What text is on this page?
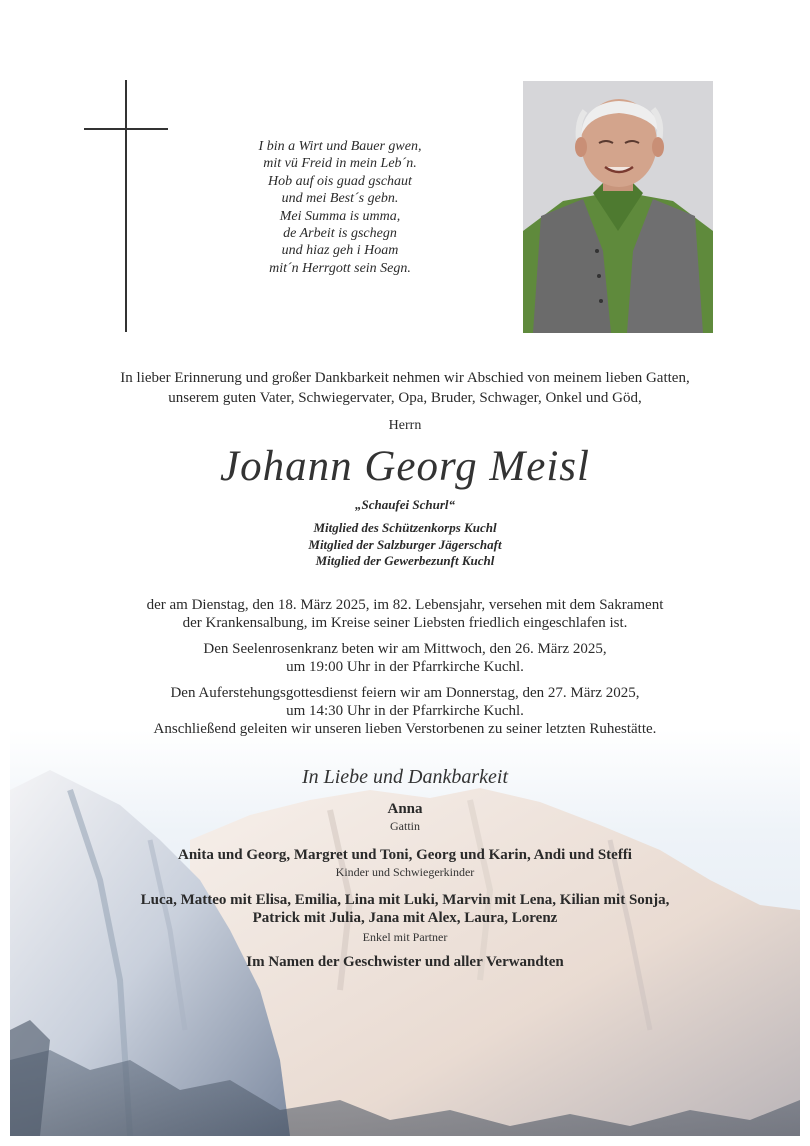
I bin a Wirt und Bauer gwen,
mit vü Freid in mein Leb´n.
Hob auf ois guad gschaut
und mei Best´s gebn.
Mei Summa is umma,
de Arbeit is gschegn
und hiaz geh i Hoam
mit´n Herrgott sein Segn.
In lieber Erinnerung und großer Dankbarkeit nehmen wir Abschied von meinem lieben Gatten,
unserem guten Vater, Schwiegervater, Opa, Bruder, Schwager, Onkel und Göd,
Herrn
Johann Georg Meisl
„Schaufei Schurl“
Mitglied des Schützenkorps Kuchl
Mitglied der Salzburger Jägerschaft
Mitglied der Gewerbezunft Kuchl
der am Dienstag, den 18. März 2025, im 82. Lebensjahr, versehen mit dem Sakrament
der Krankensalbung, im Kreise seiner Liebsten friedlich eingeschlafen ist.
Den Seelenrosenkranz beten wir am Mittwoch, den 26. März 2025,
um 19:00 Uhr in der Pfarrkirche Kuchl.
Den Auferstehungsgottesdienst feiern wir am Donnerstag, den 27. März 2025,
um 14:30 Uhr in der Pfarrkirche Kuchl.
Anschließend geleiten wir unseren lieben Verstorbenen zu seiner letzten Ruhestätte.
In Liebe und Dankbarkeit
Anna
Gattin
Anita und Georg, Margret und Toni, Georg und Karin, Andi und Steffi
Kinder und Schwiegerkinder
Luca, Matteo mit Elisa, Emilia, Lina mit Luki, Marvin mit Lena, Kilian mit Sonja,
Patrick mit Julia, Jana mit Alex, Laura, Lorenz
Enkel mit Partner
Im Namen der Geschwister und aller Verwandten
